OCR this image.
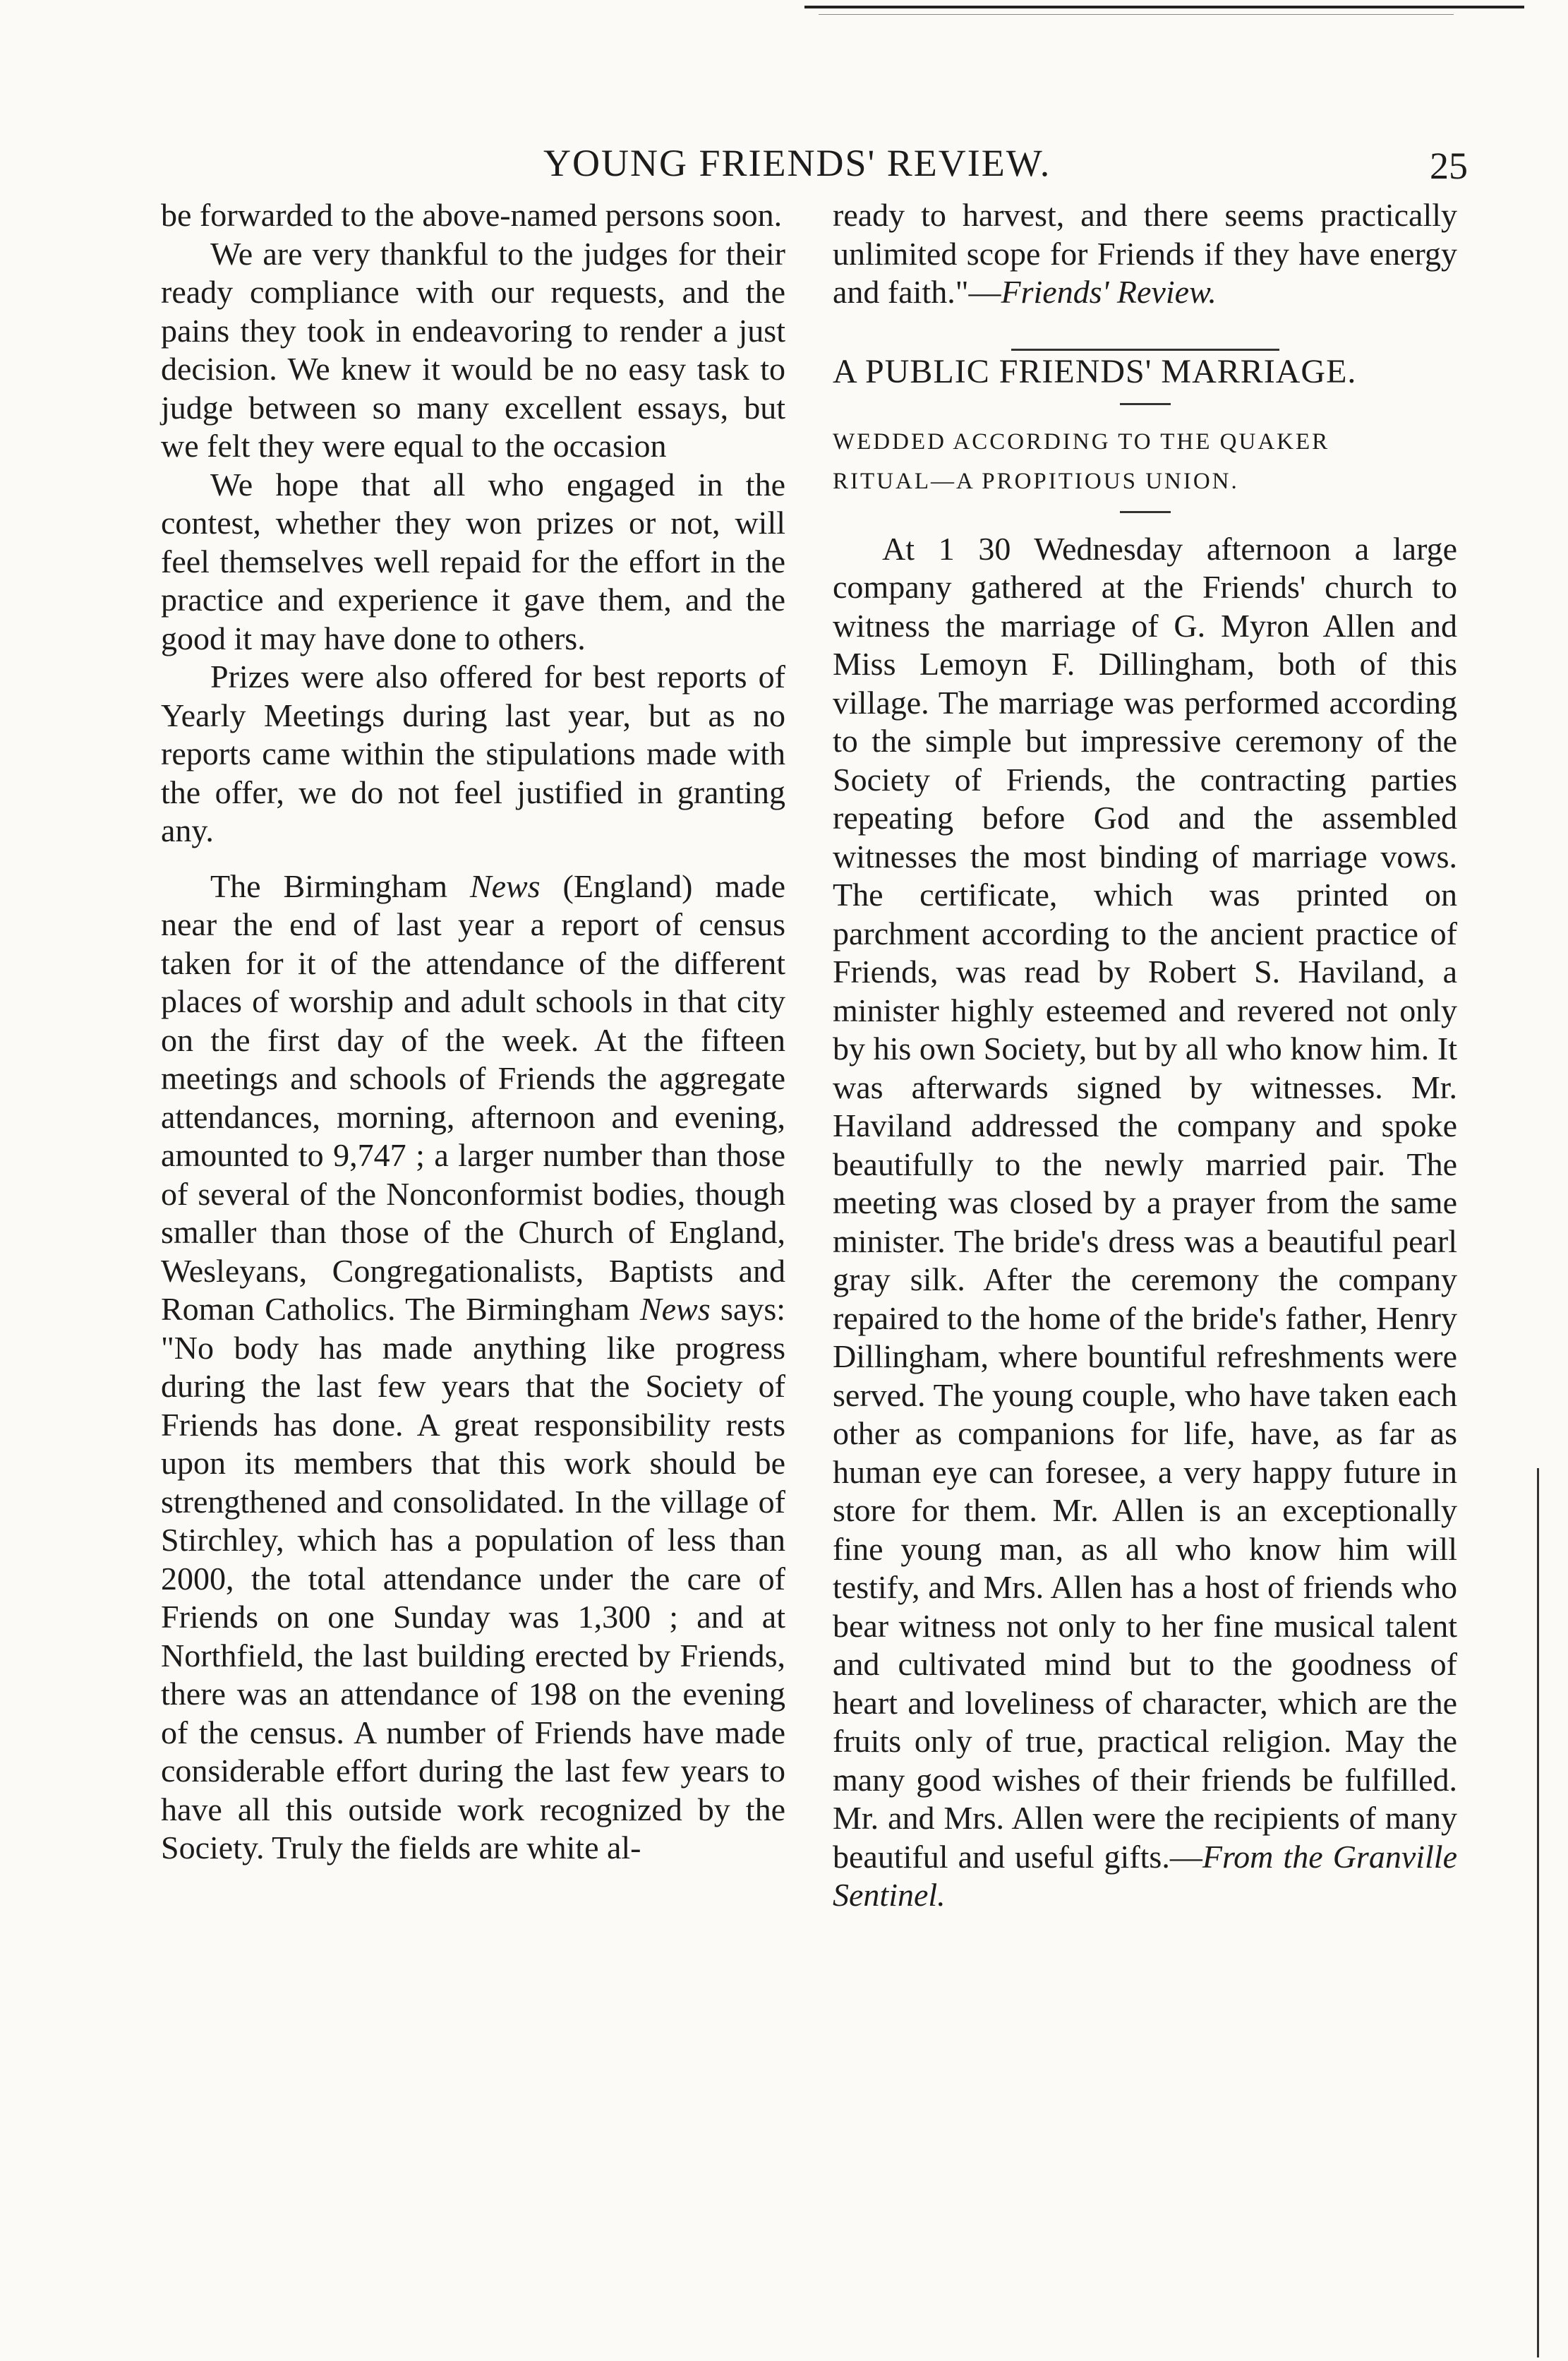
YOUNG FRIENDS' REVIEW.	25

be forwarded to the above-named persons soon.

We are very thankful to the judges for their ready compliance with our requests, and the pains they took in endeavoring to render a just decision. We knew it would be no easy task to judge between so many excellent essays, but we felt they were equal to the occasion

We hope that all who engaged in the contest, whether they won prizes or not, will feel themselves well repaid for the effort in the practice and experience it gave them, and the good it may have done to others.

Prizes were also offered for best reports of Yearly Meetings during last year, but as no reports came within the stipulations made with the offer, we do not feel justified in granting any.

The Birmingham News (England) made near the end of last year a report of census taken for it of the attendance of the different places of worship and adult schools in that city on the first day of the week. At the fifteen meetings and schools of Friends the aggregate attendances, morning, afternoon and evening, amounted to 9,747 ; a larger number than those of several of the Nonconformist bodies, though smaller than those of the Church of England, Wesleyans, Congregationalists, Baptists and Roman Catholics. The Birmingham News says: "No body has made anything like progress during the last few years that the Society of Friends has done. A great responsibility rests upon its members that this work should be strengthened and consolidated. In the village of Stirchley, which has a population of less than 2000, the total attendance under the care of Friends on one Sunday was 1,300 ; and at Northfield, the last building erected by Friends, there was an attendance of 198 on the evening of the census. A number of Friends have made considerable effort during the last few years to have all this outside work recognized by the Society. Truly the fields are white al-

ready to harvest, and there seems practically unlimited scope for Friends if they have energy and faith."—Friends' Review.

A PUBLIC FRIENDS' MARRIAGE.

WEDDED ACCORDING TO THE QUAKER

RITUAL—A PROPITIOUS UNION.

At 1 30 Wednesday afternoon a large company gathered at the Friends' church to witness the marriage of G. Myron Allen and Miss Lemoyn F. Dillingham, both of this village. The marriage was performed according to the simple but impressive ceremony of the Society of Friends, the contracting parties repeating before God and the assembled witnesses the most binding of marriage vows. The certificate, which was printed on parchment according to the ancient practice of Friends, was read by Robert S. Haviland, a minister highly esteemed and revered not only by his own Society, but by all who know him. It was afterwards signed by witnesses. Mr. Haviland addressed the company and spoke beautifully to the newly married pair. The meeting was closed by a prayer from the same minister. The bride's dress was a beautiful pearl gray silk. After the ceremony the company repaired to the home of the bride's father, Henry Dillingham, where bountiful refreshments were served. The young couple, who have taken each other as companions for life, have, as far as human eye can foresee, a very happy future in store for them. Mr. Allen is an exceptionally fine young man, as all who know him will testify, and Mrs. Allen has a host of friends who bear witness not only to her fine musical talent and cultivated mind but to the goodness of heart and loveliness of character, which are the fruits only of true, practical religion. May the many good wishes of their friends be fulfilled. Mr. and Mrs. Allen were the recipients of many beautiful and useful gifts.—From the Granville Sentinel.
